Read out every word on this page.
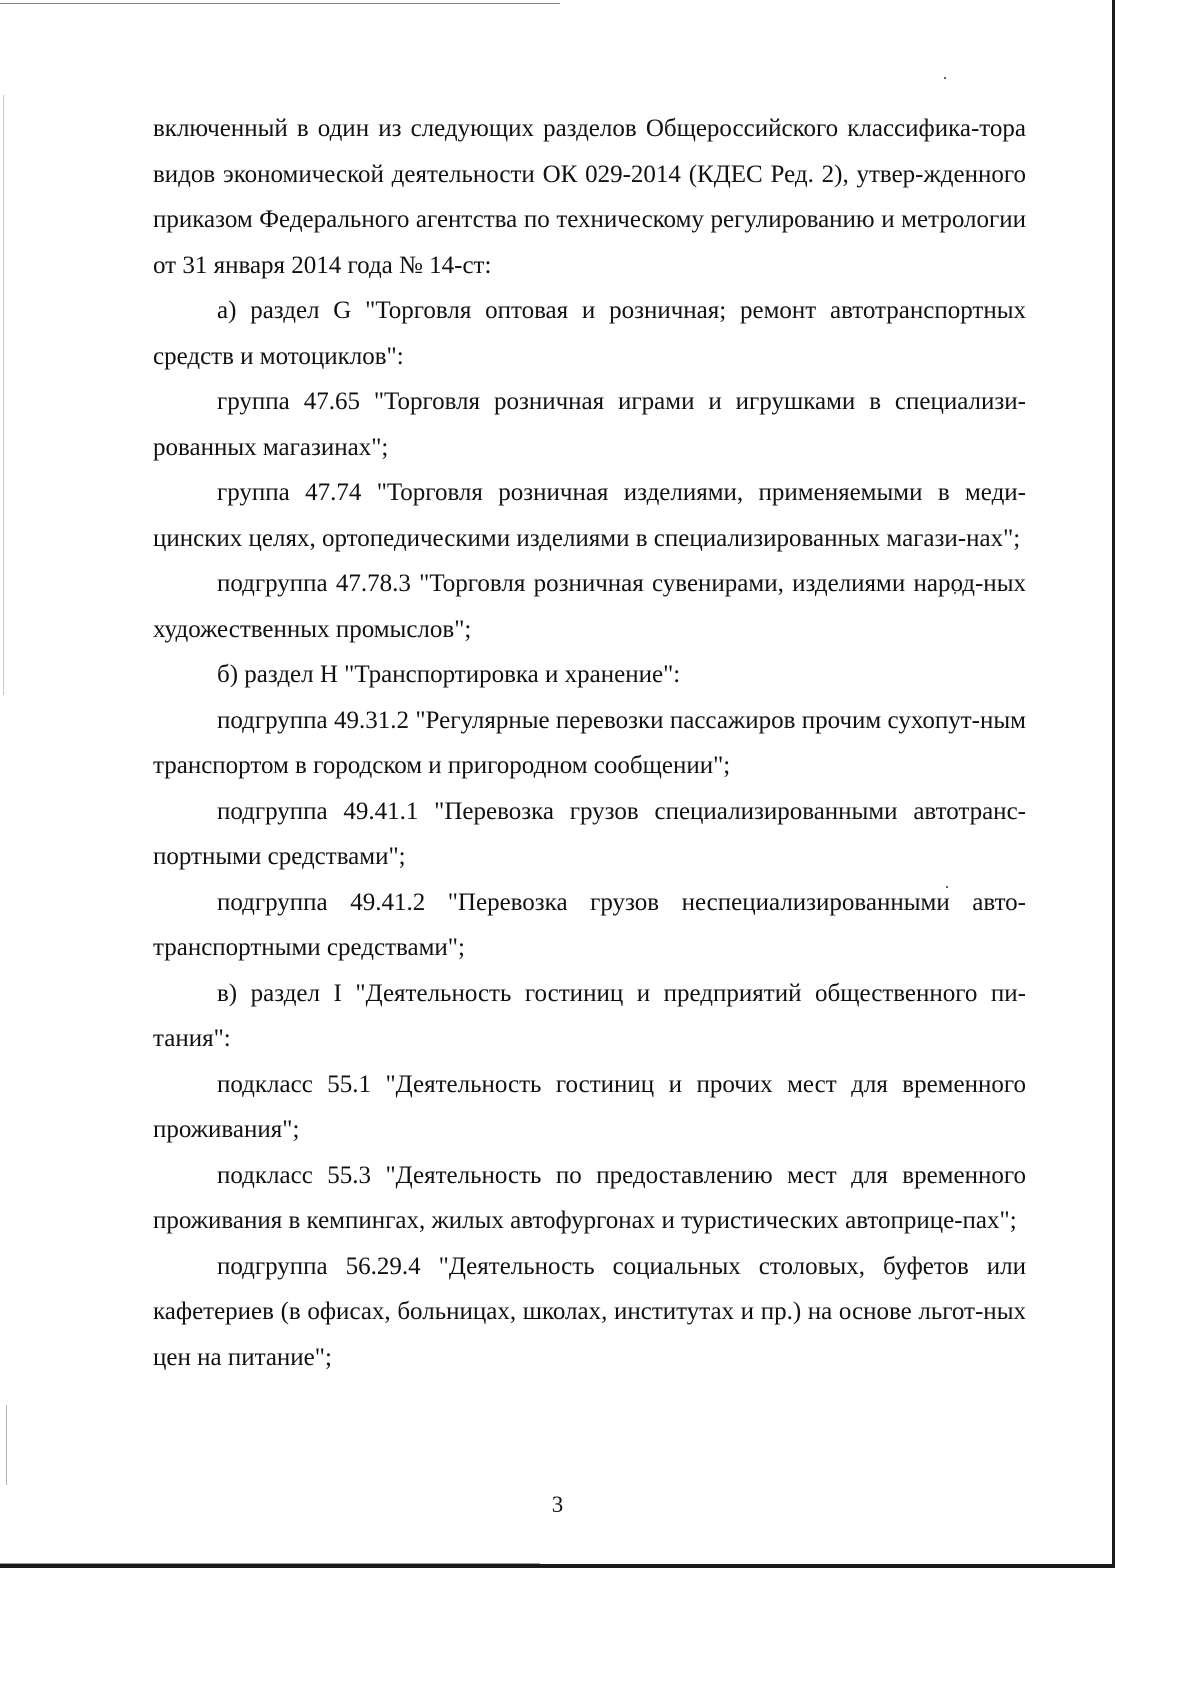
включенный в один из следующих разделов Общероссийского классифика-тора видов экономической деятельности ОК 029-2014 (КДЕС Ред. 2), утвер-жденного приказом Федерального агентства по техническому регулированию и метрологии от 31 января 2014 года № 14-ст:

а) раздел G "Торговля оптовая и розничная; ремонт автотранспортных средств и мотоциклов":

группа 47.65 "Торговля розничная играми и игрушками в специализи-рованных магазинах";

группа 47.74 "Торговля розничная изделиями, применяемыми в меди-цинских целях, ортопедическими изделиями в специализированных магази-нах";

подгруппа 47.78.3 "Торговля розничная сувенирами, изделиями народ-ных художественных промыслов";

б) раздел H "Транспортировка и хранение":

подгруппа 49.31.2 "Регулярные перевозки пассажиров прочим сухопут-ным транспортом в городском и пригородном сообщении";

подгруппа 49.41.1 "Перевозка грузов специализированными автотранс-портными средствами";

подгруппа 49.41.2 "Перевозка грузов неспециализированными авто-транспортными средствами";

в) раздел I "Деятельность гостиниц и предприятий общественного пи-тания":

подкласс 55.1 "Деятельность гостиниц и прочих мест для временного проживания";

подкласс 55.3 "Деятельность по предоставлению мест для временного проживания в кемпингах, жилых автофургонах и туристических автоприце-пах";

подгруппа 56.29.4 "Деятельность социальных столовых, буфетов или кафетериев (в офисах, больницах, школах, институтах и пр.) на основе льгот-ных цен на питание";

3
